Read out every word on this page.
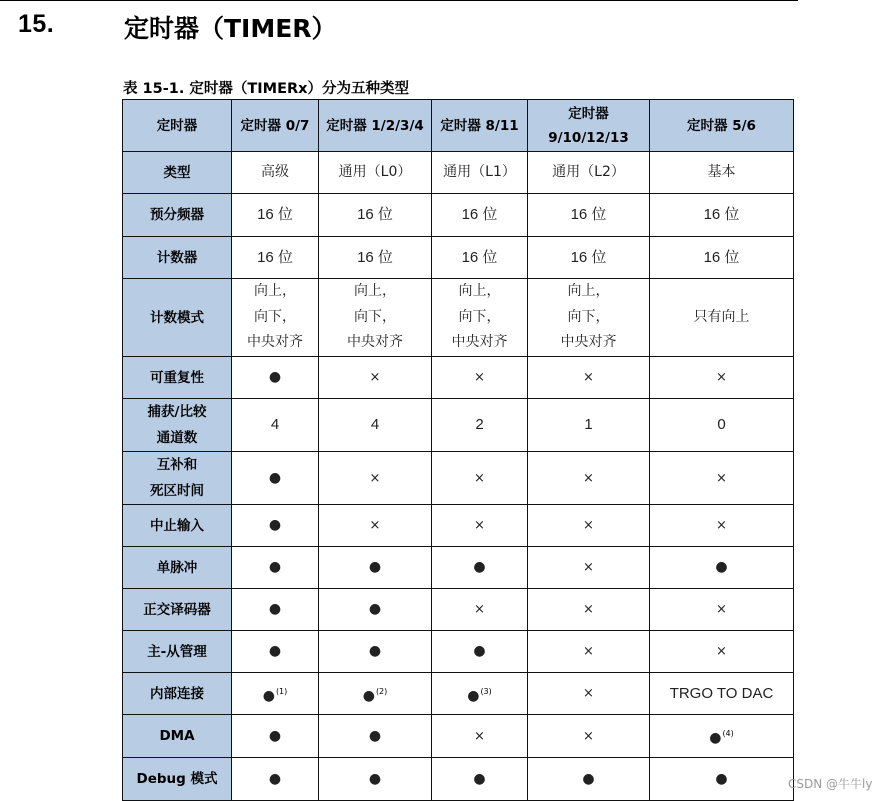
15.	定时器（TIMER）
表 15-1. 定时器（TIMERx）分为五种类型
定时器	定时器 0/7	定时器 1/2/3/4	定时器 8/11	定时器
9/10/12/13	定时器 5/6
类型	高级	通用（L0）	通用（L1）	通用（L2）	基本
预分频器	16 位	16 位	16 位	16 位	16 位
计数器	16 位	16 位	16 位	16 位	16 位
计数模式	向上，
向下，
中央对齐	向上，
向下，
中央对齐	向上，
向下，
中央对齐	向上，
向下，
中央对齐	只有向上
可重复性	●	×	×	×	×
捕获/比较
通道数	4	4	2	1	0
互补和
死区时间	●	×	×	×	×
中止输入	●	×	×	×	×
单脉冲	●	●	●	×	●
正交译码器	●	●	×	×	×
主-从管理	●	●	●	×	×
内部连接	●$^{(1)}$	●$^{(2)}$	●$^{(3)}$	×	TRGO TO DAC
DMA	●	●	×	×	●$^{(4)}$
Debug 模式	●	●	●	●	●	CSDN @牛牛ly
